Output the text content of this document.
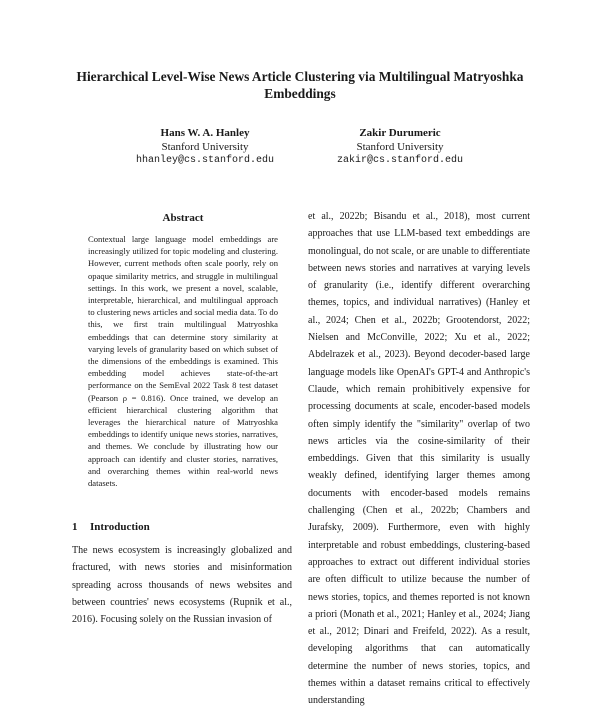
Hierarchical Level-Wise News Article Clustering via Multilingual Matryoshka Embeddings
Hans W. A. Hanley
Stanford University
hhanley@cs.stanford.edu
Zakir Durumeric
Stanford University
zakir@cs.stanford.edu
Abstract

Contextual large language model embeddings are increasingly utilized for topic modeling and clustering. However, current methods often scale poorly, rely on opaque similarity metrics, and struggle in multilingual settings. In this work, we present a novel, scalable, interpretable, hierarchical, and multilingual approach to clustering news articles and social media data. To do this, we first train multilingual Matryoshka embeddings that can determine story similarity at varying levels of granularity based on which subset of the dimensions of the embeddings is examined. This embedding model achieves state-of-the-art performance on the SemEval 2022 Task 8 test dataset (Pearson ρ = 0.816). Once trained, we develop an efficient hierarchical clustering algorithm that leverages the hierarchical nature of Matryoshka embeddings to identify unique news stories, narratives, and themes. We conclude by illustrating how our approach can identify and cluster stories, narratives, and overarching themes within real-world news datasets.

1 Introduction

The news ecosystem is increasingly globalized and fractured, with news stories and misinformation spreading across thousands of news websites and between countries' news ecosystems (Rupnik et al., 2016). Focusing solely on the Russian invasion of

et al., 2022b; Bisandu et al., 2018), most current approaches that use LLM-based text embeddings are monolingual, do not scale, or are unable to differentiate between news stories and narratives at varying levels of granularity (i.e., identify different overarching themes, topics, and individual narratives) (Hanley et al., 2024; Chen et al., 2022b; Grootendorst, 2022; Nielsen and McConville, 2022; Xu et al., 2022; Abdelrazek et al., 2023). Beyond decoder-based large language models like OpenAI's GPT-4 and Anthropic's Claude, which remain prohibitively expensive for processing documents at scale, encoder-based models often simply identify the "similarity" overlap of two news articles via the cosine-similarity of their embeddings. Given that this similarity is usually weakly defined, identifying larger themes among documents with encoder-based models remains challenging (Chen et al., 2022b; Chambers and Jurafsky, 2009). Furthermore, even with highly interpretable and robust embeddings, clustering-based approaches to extract out different individual stories are often difficult to utilize because the number of news stories, topics, and themes reported is not known a priori (Monath et al., 2021; Hanley et al., 2024; Jiang et al., 2012; Dinari and Freifeld, 2022). As a result, developing algorithms that can automatically determine the number of news stories, topics, and themes within a dataset remains critical to effectively understanding
